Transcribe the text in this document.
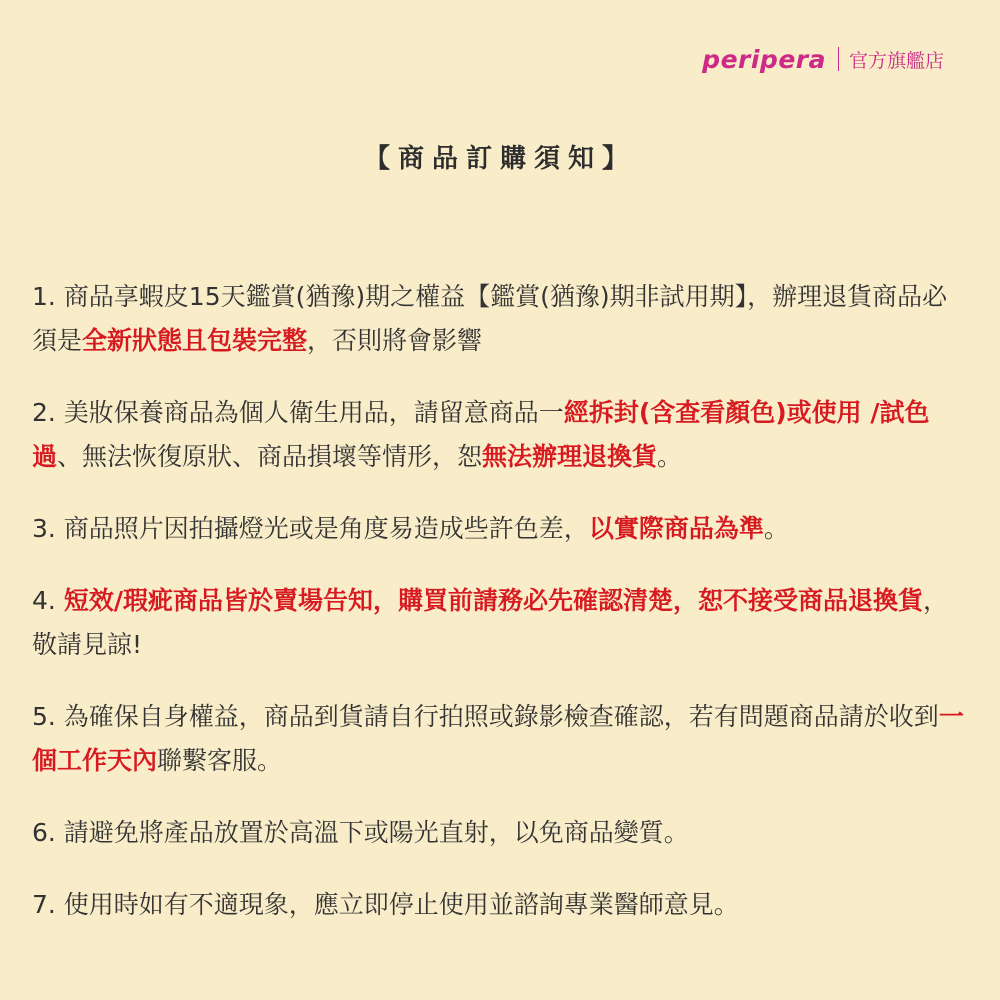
peripera 官方旗艦店
【商品訂購須知】

1. 商品享蝦皮15天鑑賞(猶豫)期之權益【鑑賞(猶豫)期非試用期】，辦理退貨商品必須是全新狀態且包裝完整，否則將會影響

2. 美妝保養商品為個人衛生用品，請留意商品一經拆封(含查看顏色)或使用 /試色過、無法恢復原狀、商品損壞等情形，恕無法辦理退換貨。

3. 商品照片因拍攝燈光或是角度易造成些許色差，以實際商品為準。

4. 短效/瑕疵商品皆於賣場告知，購買前請務必先確認清楚，恕不接受商品退換貨，敬請見諒!

5. 為確保自身權益，商品到貨請自行拍照或錄影檢查確認，若有問題商品請於收到一個工作天內聯繫客服。

6. 請避免將產品放置於高溫下或陽光直射，以免商品變質。

7. 使用時如有不適現象，應立即停止使用並諮詢專業醫師意見。
